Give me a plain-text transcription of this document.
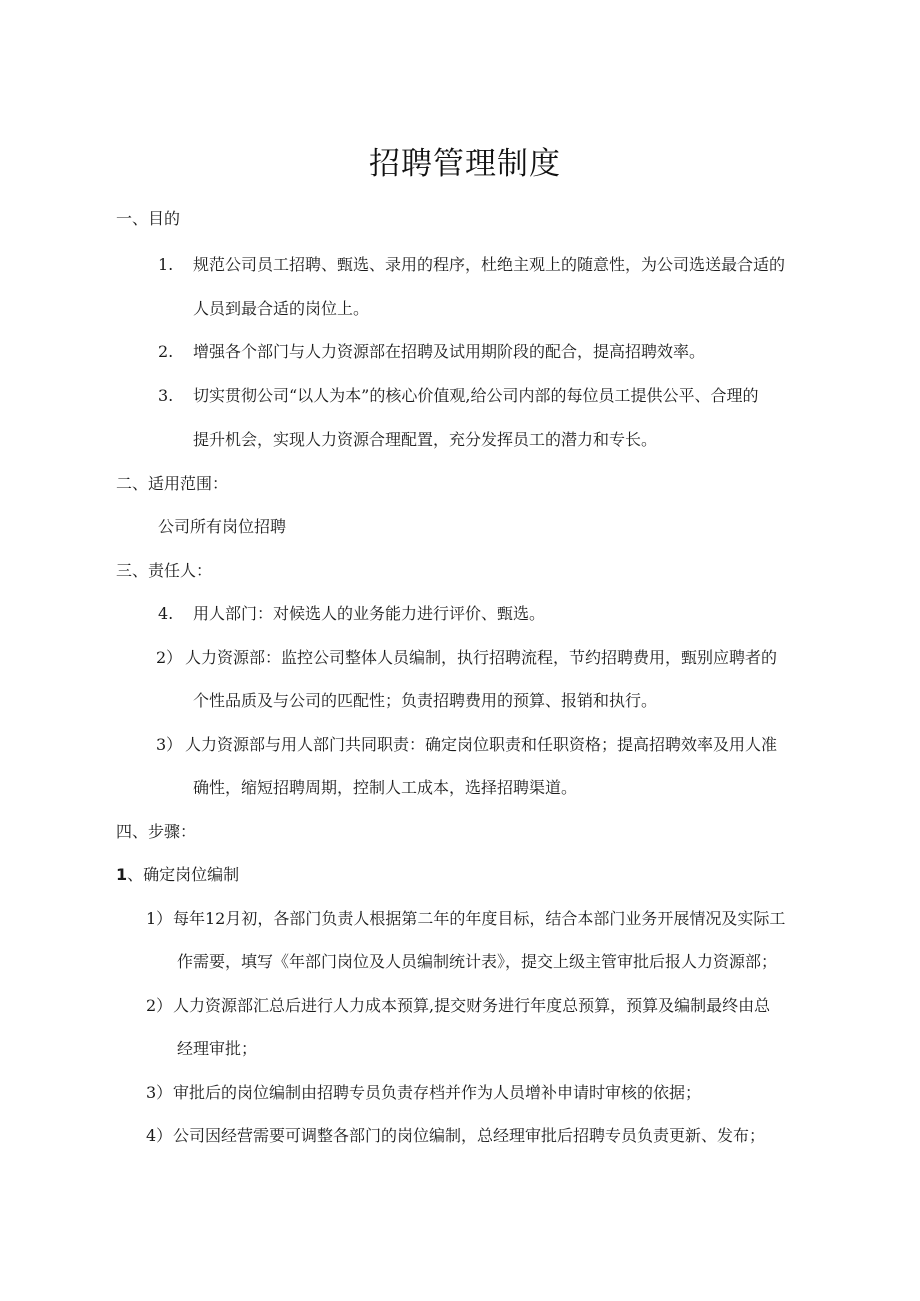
招聘管理制度
一、目的
1. 规范公司员工招聘、甄选、录用的程序，杜绝主观上的随意性，为公司选送最合适的
人员到最合适的岗位上。
2. 增强各个部门与人力资源部在招聘及试用期阶段的配合，提高招聘效率。
3. 切实贯彻公司“以人为本”的核心价值观,给公司内部的每位员工提供公平、合理的
提升机会，实现人力资源合理配置，充分发挥员工的潜力和专长。
二、适用范围：
公司所有岗位招聘
三、责任人：
4. 用人部门：对候选人的业务能力进行评价、甄选。
2） 人力资源部：监控公司整体人员编制，执行招聘流程，节约招聘费用，甄别应聘者的
个性品质及与公司的匹配性；负责招聘费用的预算、报销和执行。
3） 人力资源部与用人部门共同职责：确定岗位职责和任职资格；提高招聘效率及用人准
确性，缩短招聘周期，控制人工成本，选择招聘渠道。
四、步骤：
1、确定岗位编制
1） 每年12月初，各部门负责人根据第二年的年度目标，结合本部门业务开展情况及实际工
作需要，填写《年部门岗位及人员编制统计表》，提交上级主管审批后报人力资源部；
2） 人力资源部汇总后进行人力成本预算,提交财务进行年度总预算，预算及编制最终由总
经理审批；
3） 审批后的岗位编制由招聘专员负责存档并作为人员增补申请时审核的依据；
4） 公司因经营需要可调整各部门的岗位编制，总经理审批后招聘专员负责更新、发布；
